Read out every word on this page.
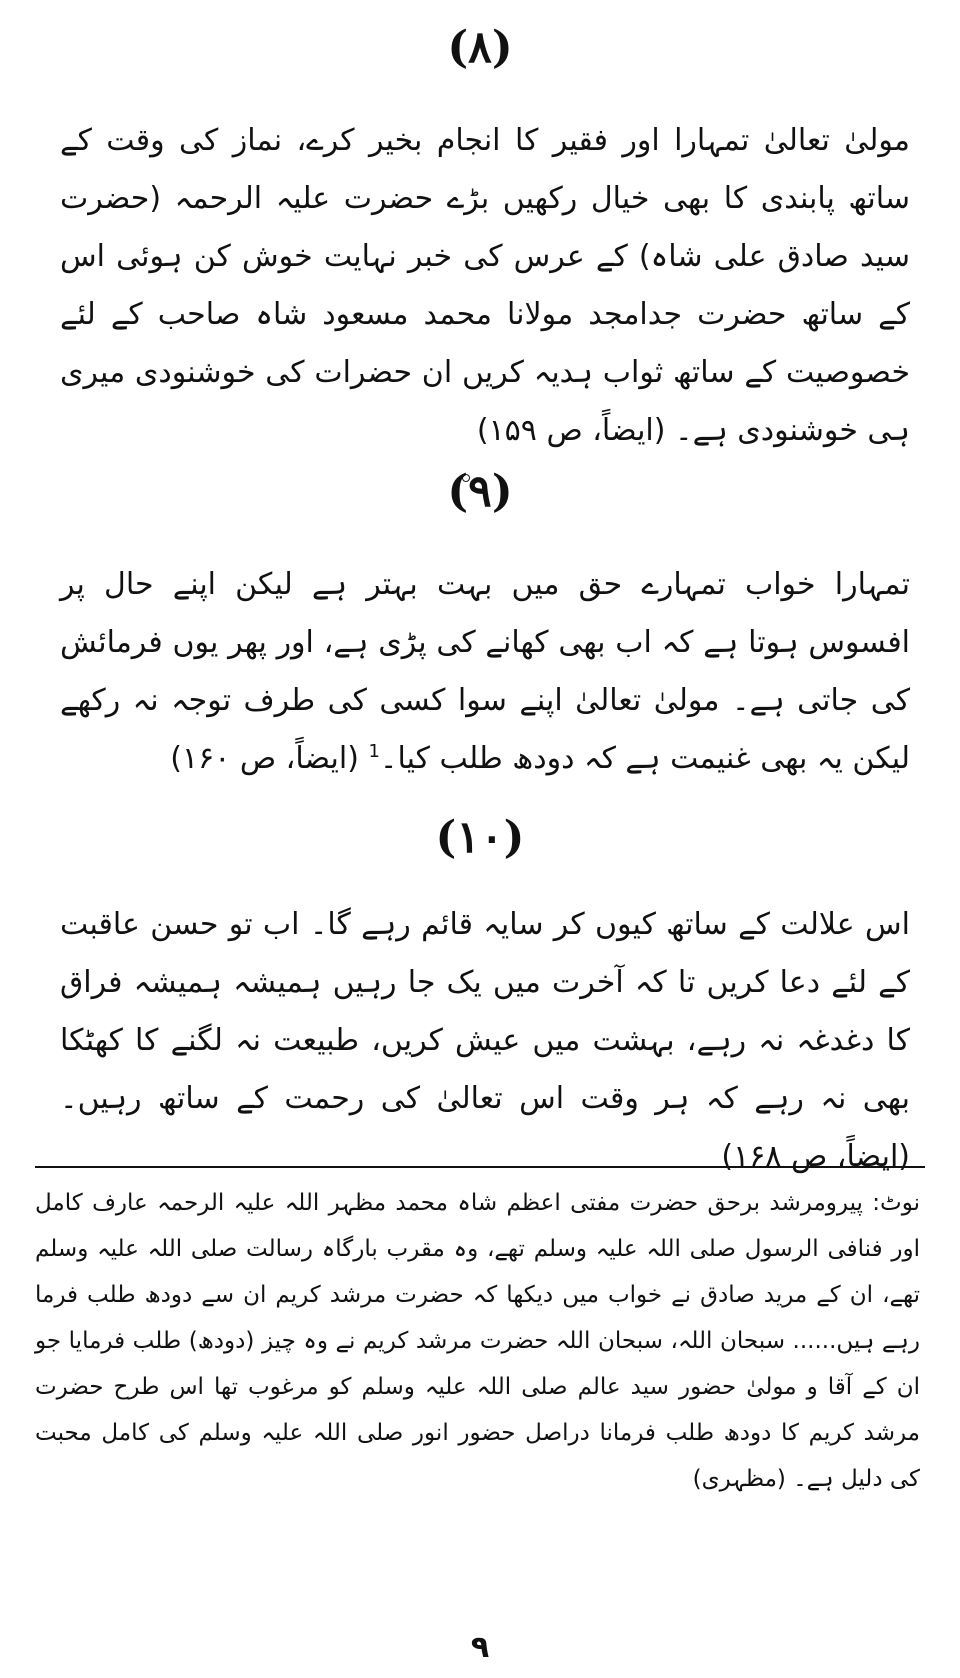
(٨)

مولیٰ تعالیٰ تمہارا اور فقیر کا انجام بخیر کرے، نماز کی وقت کے ساتھ پابندی کا بھی خیال رکھیں بڑے حضرت علیہ الرحمہ (حضرت سید صادق علی شاہ) کے عرس کی خبر نہایت خوش کن ہوئی اس کے ساتھ حضرت جدامجد مولانا محمد مسعود شاہ صاحب کے لئے خصوصیت کے ساتھ ثواب ہدیہ کریں ان حضرات کی خوشنودی میری ہی خوشنودی ہے۔ (ایضاً، ص ۱۵۹)

(٩)

تمہارا خواب تمہارے حق میں بہت بہتر ہے لیکن اپنے حال پر افسوس ہوتا ہے کہ اب بھی کھانے کی پڑی ہے، اور پھر یوں فرمائش کی جاتی ہے۔ مولیٰ تعالیٰ اپنے سوا کسی کی طرف توجہ نہ رکھے لیکن یہ بھی غنیمت ہے کہ دودھ طلب کیا۔$^1$ (ایضاً، ص ۱۶۰)

(١٠)

اس علالت کے ساتھ کیوں کر سایہ قائم رہے گا۔ اب تو حسن عاقبت کے لئے دعا کریں تا کہ آخرت میں یک جا رہیں ہمیشہ ہمیشہ فراق کا دغدغہ نہ رہے، بہشت میں عیش کریں، طبیعت نہ لگنے کا کھٹکا بھی نہ رہے کہ ہر وقت اس تعالیٰ کی رحمت کے ساتھ رہیں۔ (ایضاً، ص ۱۶۸)

نوٹ: پیرومرشد برحق حضرت مفتی اعظم شاہ محمد مظہر اللہ علیہ الرحمہ عارف کامل اور فنافی الرسول صلی اللہ علیہ وسلم تھے، وہ مقرب بارگاہ رسالت صلی اللہ علیہ وسلم تھے، ان کے مرید صادق نے خواب میں دیکھا کہ حضرت مرشد کریم ان سے دودھ طلب فرما رہے ہیں...... سبحان اللہ، سبحان اللہ حضرت مرشد کریم نے وہ چیز (دودھ) طلب فرمایا جو ان کے آقا و مولیٰ حضور سید عالم صلی اللہ علیہ وسلم کو مرغوب تھا اس طرح حضرت مرشد کریم کا دودھ طلب فرمانا دراصل حضور انور صلی اللہ علیہ وسلم کی کامل محبت کی دلیل ہے۔ (مظہری)
٩
